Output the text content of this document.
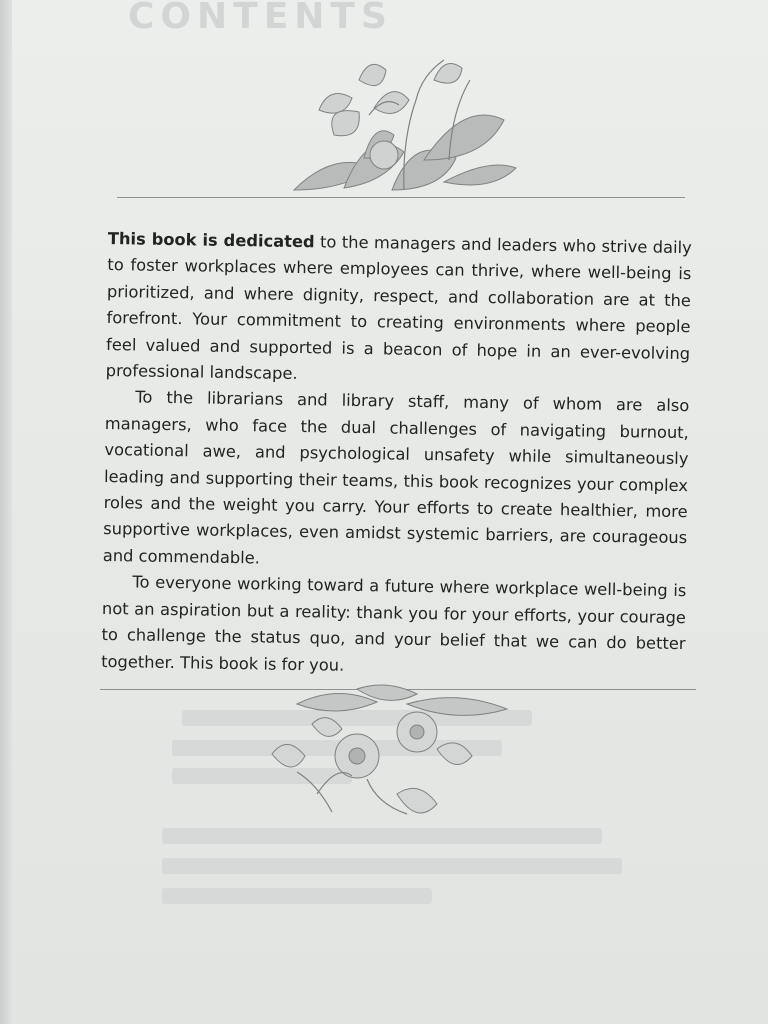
CONTENTS

This book is dedicated to the managers and leaders who strive daily to foster workplaces where employees can thrive, where well-being is prioritized, and where dignity, respect, and collaboration are at the forefront. Your commitment to creating environments where people feel valued and supported is a beacon of hope in an ever-evolving professional landscape.

To the librarians and library staff, many of whom are also managers, who face the dual challenges of navigating burnout, vocational awe, and psychological unsafety while simultaneously leading and supporting their teams, this book recognizes your complex roles and the weight you carry. Your efforts to create healthier, more supportive workplaces, even amidst systemic barriers, are courageous and commendable.

To everyone working toward a future where workplace well-being is not an aspiration but a reality: thank you for your efforts, your courage to challenge the status quo, and your belief that we can do better together. This book is for you.
